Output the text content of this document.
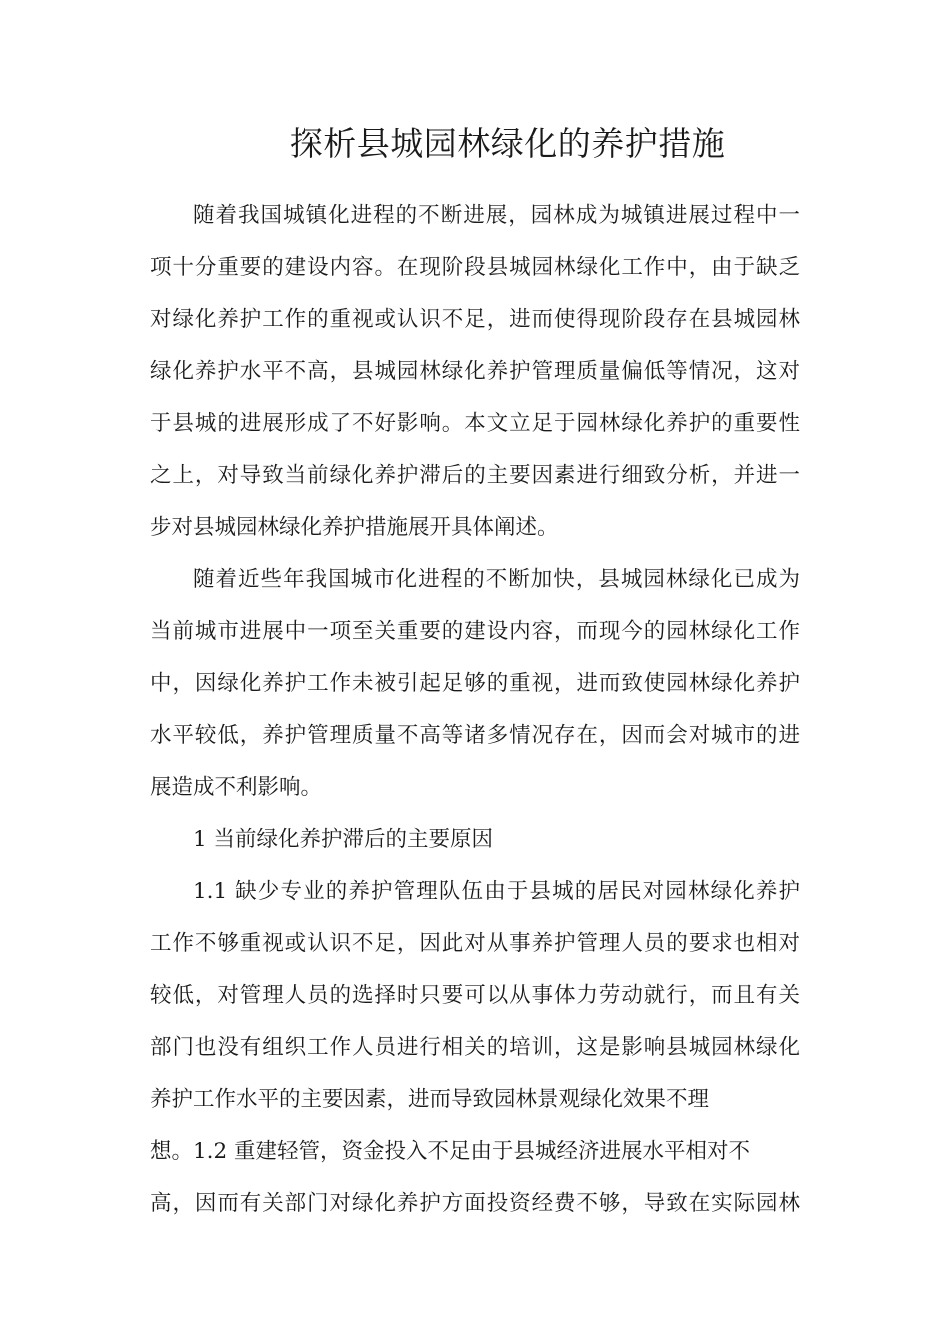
探析县城园林绿化的养护措施
随着我国城镇化进程的不断进展，园林成为城镇进展过程中一
项十分重要的建设内容。在现阶段县城园林绿化工作中，由于缺乏
对绿化养护工作的重视或认识不足，进而使得现阶段存在县城园林
绿化养护水平不高，县城园林绿化养护管理质量偏低等情况，这对
于县城的进展形成了不好影响。本文立足于园林绿化养护的重要性
之上，对导致当前绿化养护滞后的主要因素进行细致分析，并进一
步对县城园林绿化养护措施展开具体阐述。
随着近些年我国城市化进程的不断加快，县城园林绿化已成为
当前城市进展中一项至关重要的建设内容，而现今的园林绿化工作
中，因绿化养护工作未被引起足够的重视，进而致使园林绿化养护
水平较低，养护管理质量不高等诸多情况存在，因而会对城市的进
展造成不利影响。
1 当前绿化养护滞后的主要原因
1.1 缺少专业的养护管理队伍由于县城的居民对园林绿化养护
工作不够重视或认识不足，因此对从事养护管理人员的要求也相对
较低，对管理人员的选择时只要可以从事体力劳动就行，而且有关
部门也没有组织工作人员进行相关的培训，这是影响县城园林绿化
养护工作水平的主要因素，进而导致园林景观绿化效果不理
想。1.2 重建轻管，资金投入不足由于县城经济进展水平相对不
高，因而有关部门对绿化养护方面投资经费不够，导致在实际园林
